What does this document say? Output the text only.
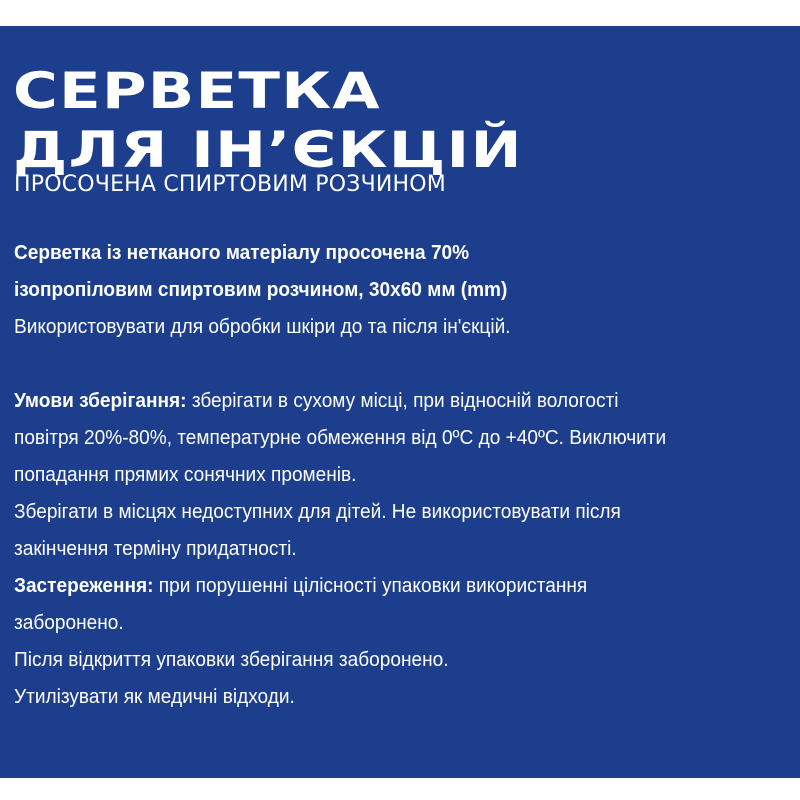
СЕРВЕТКА
ДЛЯ ІН’ЄКЦІЙ

ПРОСОЧЕНА СПИРТОВИМ РОЗЧИНОМ

Серветка із нетканого матеріалу просочена 70%
ізопропіловим спиртовим розчином, 30х60 мм (mm)
Використовувати для обробки шкіри до та після ін'єкцій.
Умови зберігання: зберігати в сухому місці, при відносній вологості
повітря 20%-80%, температурне обмеження від 0ºС до +40ºС. Виключити
попадання прямих сонячних променів.
Зберігати в місцях недоступних для дітей. Не використовувати після
закінчення терміну придатності.
Застереження: при порушенні цілісності упаковки використання
заборонено.
Після відкриття упаковки зберігання заборонено.
Утилізувати як медичні відходи.
